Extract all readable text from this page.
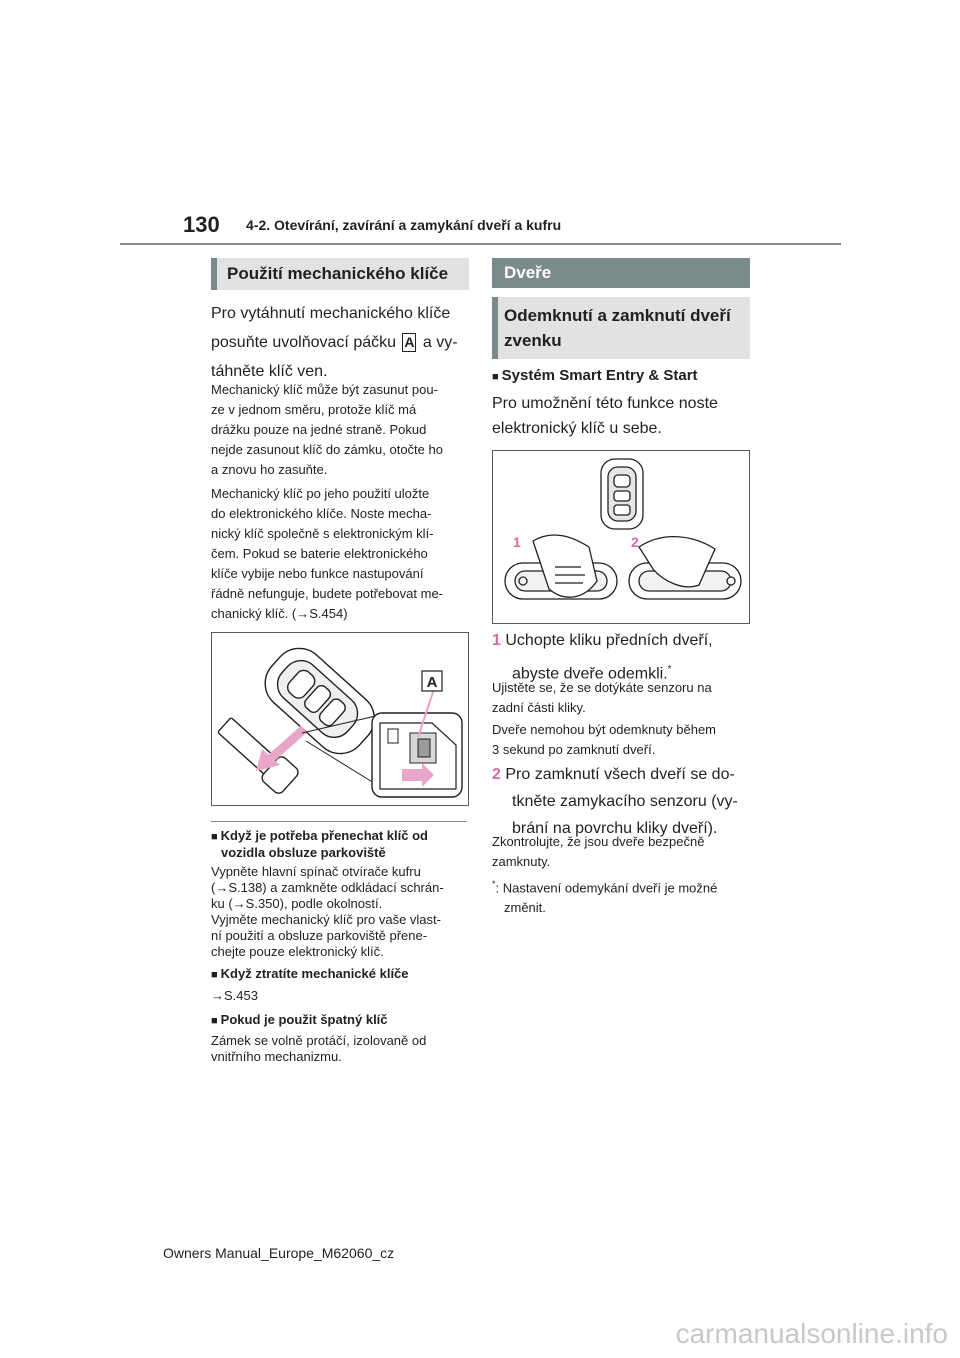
130 4-2. Otevírání, zavírání a zamykání dveří a kufru
Použití mechanického klíče
Pro vytáhnutí mechanického klíče
posuňte uvolňovací páčku A a vy-
táhněte klíč ven.
Mechanický klíč může být zasunut pou-
ze v jednom směru, protože klíč má
drážku pouze na jedné straně. Pokud
nejde zasunout klíč do zámku, otočte ho
a znovu ho zasuňte.
Mechanický klíč po jeho použití uložte
do elektronického klíče. Noste mecha-
nický klíč společně s elektronickým klí-
čem. Pokud se baterie elektronického
klíče vybije nebo funkce nastupování
řádně nefunguje, budete potřebovat me-
chanický klíč. (→S.454)
A
■ Když je potřeba přenechat klíč od
vozidla obsluze parkoviště
Vypněte hlavní spínač otvírače kufru
(→S.138) a zamkněte odkládací schrán-
ku (→S.350), podle okolností.
Vyjměte mechanický klíč pro vaše vlast-
ní použití a obsluze parkoviště přene-
chejte pouze elektronický klíč.
■ Když ztratíte mechanické klíče
→S.453
■ Pokud je použit špatný klíč
Zámek se volně protáčí, izolovaně od
vnitřního mechanizmu.
Dveře
Odemknutí a zamknutí dveří
zvenku
■ Systém Smart Entry & Start
Pro umožnění této funkce noste
elektronický klíč u sebe.
1	2
1 Uchopte kliku předních dveří,
abyste dveře odemkli.*
Ujistěte se, že se dotýkáte senzoru na
zadní části kliky.
Dveře nemohou být odemknuty během
3 sekund po zamknutí dveří.
2 Pro zamknutí všech dveří se do-
tkněte zamykacího senzoru (vy-
brání na povrchu kliky dveří).
Zkontrolujte, že jsou dveře bezpečně
zamknuty.
*: Nastavení odemykání dveří je možné
změnit.
Owners Manual_Europe_M62060_cz
carmanualsonline.info
